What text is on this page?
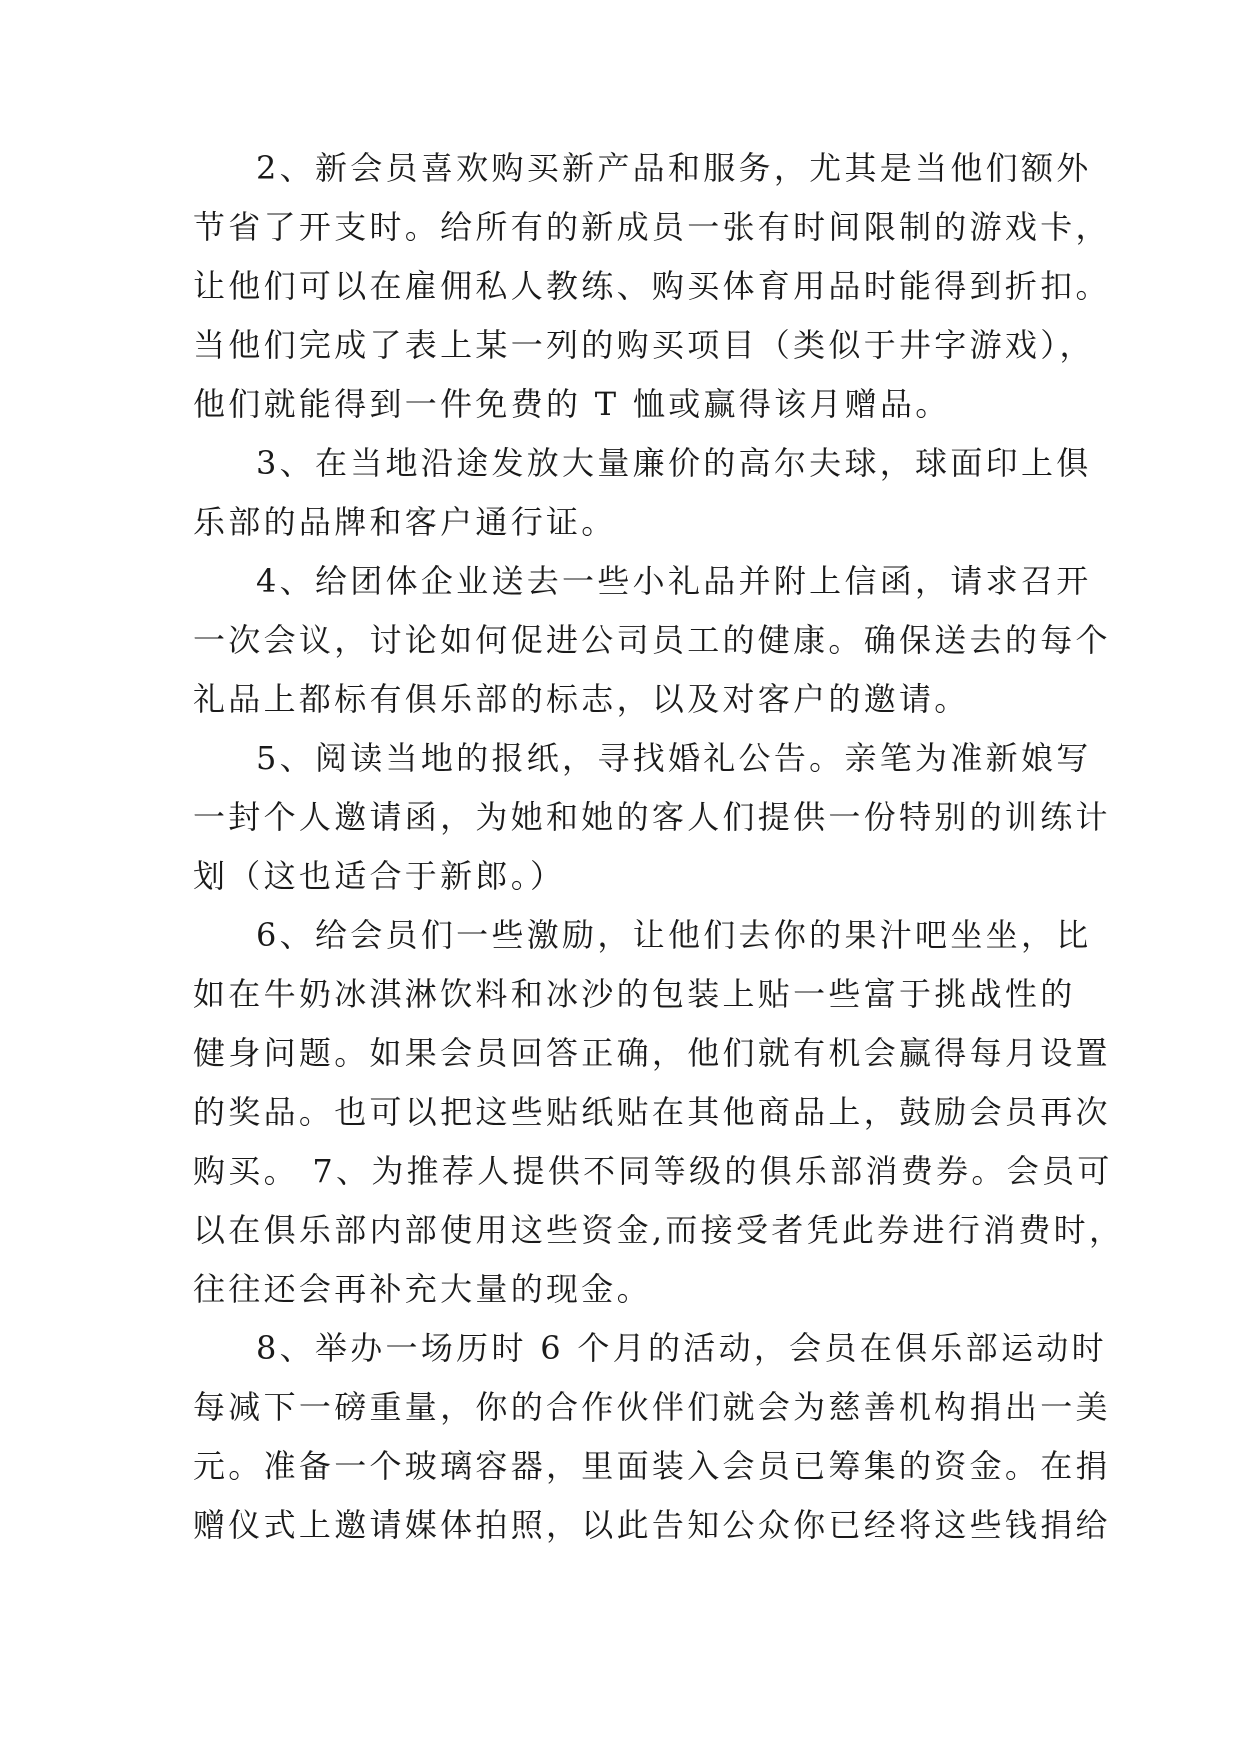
2、新会员喜欢购买新产品和服务，尤其是当他们额外
节省了开支时。给所有的新成员一张有时间限制的游戏卡，
让他们可以在雇佣私人教练、购买体育用品时能得到折扣。
当他们完成了表上某一列的购买项目（类似于井字游戏），
他们就能得到一件免费的 T 恤或赢得该月赠品。
3、在当地沿途发放大量廉价的高尔夫球，球面印上俱
乐部的品牌和客户通行证。
4、给团体企业送去一些小礼品并附上信函，请求召开
一次会议，讨论如何促进公司员工的健康。确保送去的每个
礼品上都标有俱乐部的标志，以及对客户的邀请。
5、阅读当地的报纸，寻找婚礼公告。亲笔为准新娘写
一封个人邀请函，为她和她的客人们提供一份特别的训练计
划（这也适合于新郎。）
6、给会员们一些激励，让他们去你的果汁吧坐坐，比
如在牛奶冰淇淋饮料和冰沙的包装上贴一些富于挑战性的
健身问题。如果会员回答正确，他们就有机会赢得每月设置
的奖品。也可以把这些贴纸贴在其他商品上，鼓励会员再次
购买。 7、为推荐人提供不同等级的俱乐部消费券。会员可
以在俱乐部内部使用这些资金,而接受者凭此券进行消费时，
往往还会再补充大量的现金。
8、举办一场历时 6 个月的活动，会员在俱乐部运动时
每减下一磅重量，你的合作伙伴们就会为慈善机构捐出一美
元。准备一个玻璃容器，里面装入会员已筹集的资金。在捐
赠仪式上邀请媒体拍照，以此告知公众你已经将这些钱捐给
